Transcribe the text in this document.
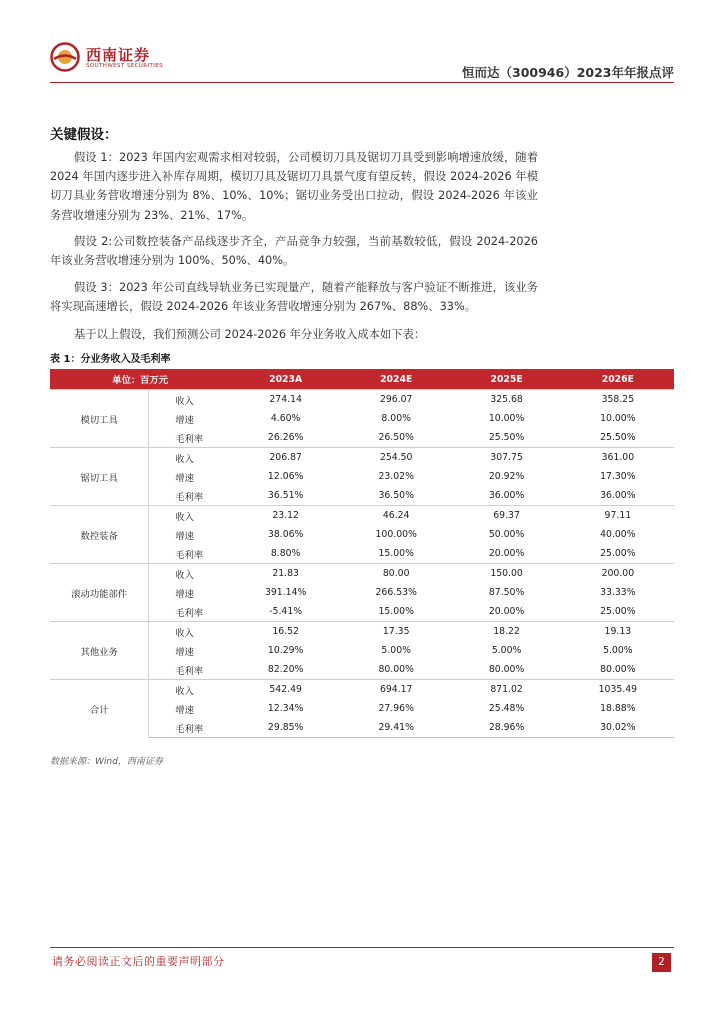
西南证券
SOUTHWEST SECURITIES	恒而达（300946）2023年年报点评
关键假设：
假设 1：2023 年国内宏观需求相对较弱，公司模切刀具及锯切刀具受到影响增速放缓，随着 2024 年国内逐步进入补库存周期，模切刀具及锯切刀具景气度有望反转，假设 2024-2026 年模切刀具业务营收增速分别为 8%、10%、10%；锯切业务受出口拉动，假设 2024-2026 年该业务营收增速分别为 23%、21%、17%。
假设 2:公司数控装备产品线逐步齐全，产品竞争力较强，当前基数较低，假设 2024-2026 年该业务营收增速分别为 100%、50%、40%。
假设 3：2023 年公司直线导轨业务已实现量产，随着产能释放与客户验证不断推进，该业务将实现高速增长，假设 2024-2026 年该业务营收增速分别为 267%、88%、33%。
基于以上假设，我们预测公司 2024-2026 年分业务收入成本如下表：
表 1：分业务收入及毛利率
单位：百万元		2023A	2024E	2025E	2026E
模切工具	收入	274.14	296.07	325.68	358.25
	增速	4.60%	8.00%	10.00%	10.00%
	毛利率	26.26%	26.50%	25.50%	25.50%
锯切工具	收入	206.87	254.50	307.75	361.00
	增速	12.06%	23.02%	20.92%	17.30%
	毛利率	36.51%	36.50%	36.00%	36.00%
数控装备	收入	23.12	46.24	69.37	97.11
	增速	38.06%	100.00%	50.00%	40.00%
	毛利率	8.80%	15.00%	20.00%	25.00%
滚动功能部件	收入	21.83	80.00	150.00	200.00
	增速	391.14%	266.53%	87.50%	33.33%
	毛利率	-5.41%	15.00%	20.00%	25.00%
其他业务	收入	16.52	17.35	18.22	19.13
	增速	10.29%	5.00%	5.00%	5.00%
	毛利率	82.20%	80.00%	80.00%	80.00%
合计	收入	542.49	694.17	871.02	1035.49
	增速	12.34%	27.96%	25.48%	18.88%
	毛利率	29.85%	29.41%	28.96%	30.02%
数据来源：Wind，西南证券
请务必阅读正文后的重要声明部分	2
